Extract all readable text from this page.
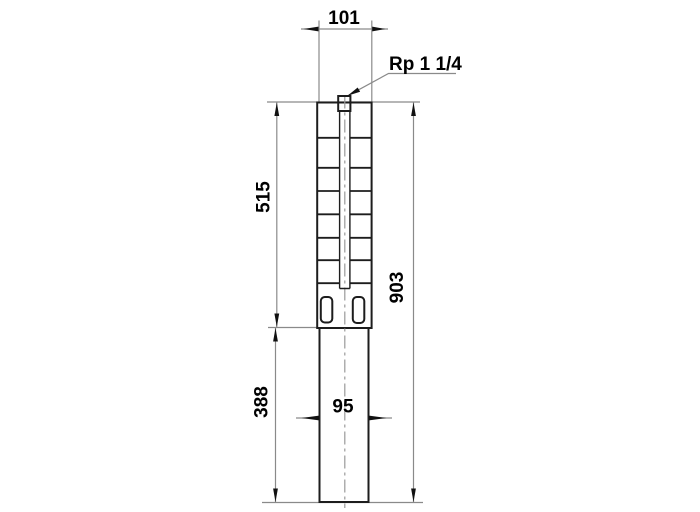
101
Rp 1 1/4
515
903
388	95
